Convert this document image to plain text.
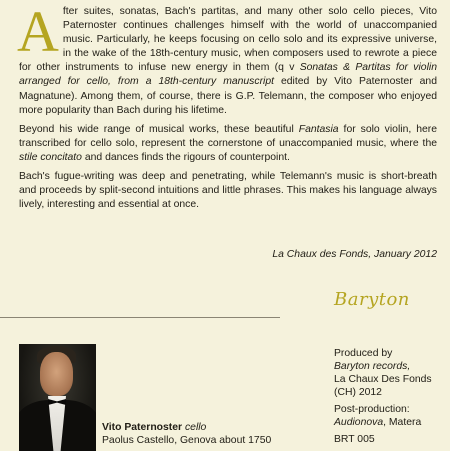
After suites, sonatas, Bach's partitas, and many other solo cello pieces, Vito Paternoster continues challenges himself with the world of unaccompanied music. Particularly, he keeps focusing on cello solo and its expressive universe, in the wake of the 18th-century music, when composers used to rewrote a piece for other instruments to infuse new energy in them (q v Sonatas & Partitas for violin arranged for cello, from a 18th-century manuscript edited by Vito Paternoster and Magnatune). Among them, of course, there is G.P. Telemann, the composer who enjoyed more popularity than Bach during his lifetime.

Beyond his wide range of musical works, these beautiful Fantasia for solo violin, here transcribed for cello solo, represent the cornerstone of unaccompanied music, where the stile concitato and dances finds the rigours of counterpoint.

Bach's fugue-writing was deep and penetrating, while Telemann's music is short-breath and proceeds by split-second intuitions and little phrases. This makes his language always lively, interesting and essential at once.

La Chaux des Fonds, January 2012
Baryton
Vito Paternoster cello
Paolus Castello, Genova about 1750

Produced by
Baryton records,
La Chaux Des Fonds
(CH) 2012

Post-production:
Audionova, Matera

BRT 005
